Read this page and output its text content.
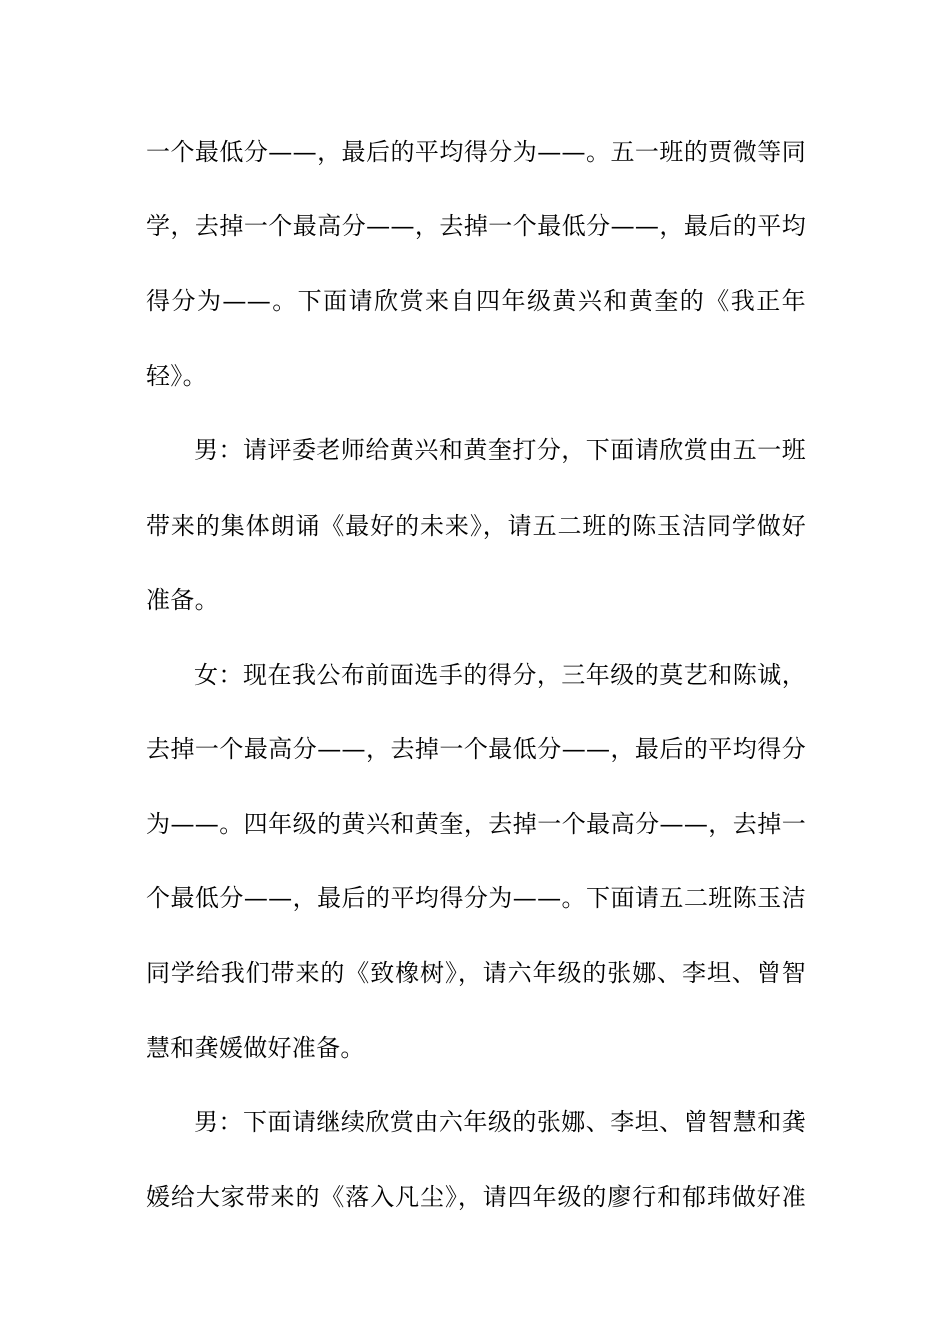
一个最低分——，最后的平均得分为——。五一班的贾微等同
学，去掉一个最高分——，去掉一个最低分——，最后的平均
得分为——。下面请欣赏来自四年级黄兴和黄奎的《我正年
轻》。
男：请评委老师给黄兴和黄奎打分，下面请欣赏由五一班
带来的集体朗诵《最好的未来》，请五二班的陈玉洁同学做好
准备。
女：现在我公布前面选手的得分，三年级的莫艺和陈诚，
去掉一个最高分——，去掉一个最低分——，最后的平均得分
为——。四年级的黄兴和黄奎，去掉一个最高分——，去掉一
个最低分——，最后的平均得分为——。下面请五二班陈玉洁
同学给我们带来的《致橡树》，请六年级的张娜、李坦、曾智
慧和龚媛做好准备。
男：下面请继续欣赏由六年级的张娜、李坦、曾智慧和龚
媛给大家带来的《落入凡尘》，请四年级的廖行和郁玮做好准
